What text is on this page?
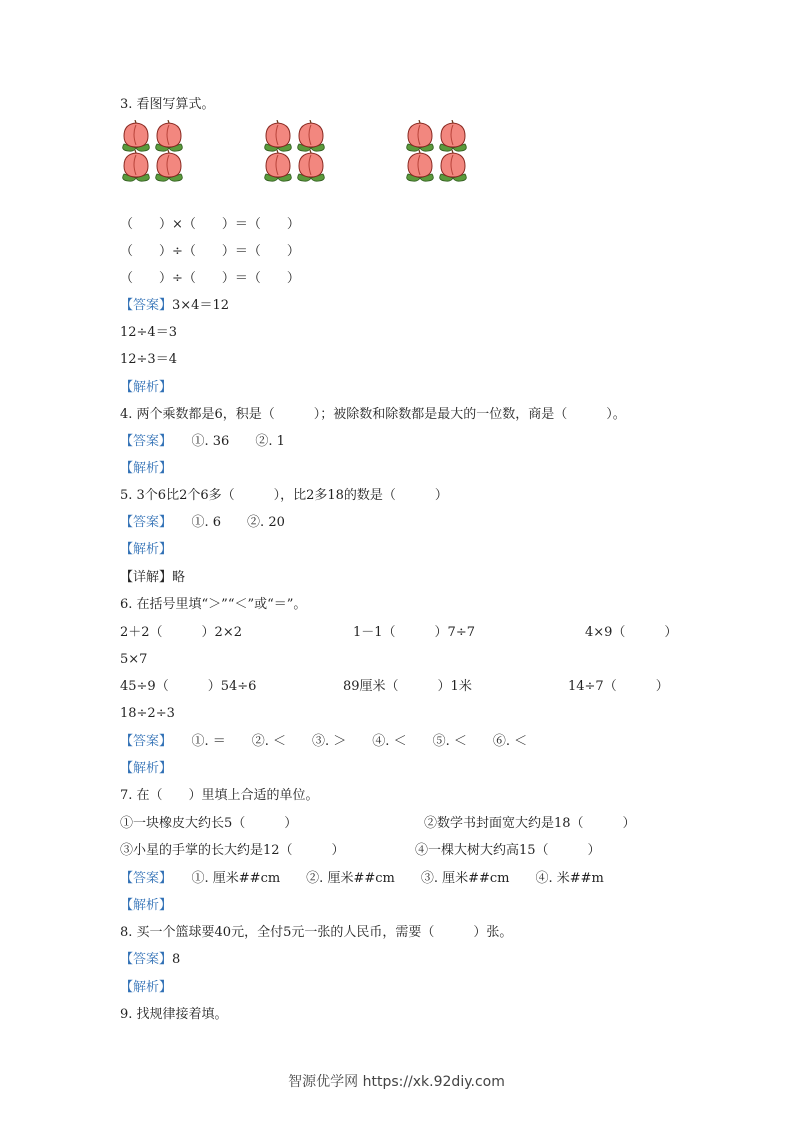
3. 看图写算式。
（　　）×（　　）＝（　　）
（　　）÷（　　）＝（　　）
（　　）÷（　　）＝（　　）
【答案】3×4＝12
12÷4＝3
12÷3＝4
【解析】
4. 两个乘数都是6，积是（　　　）；被除数和除数都是最大的一位数，商是（　　　）。
【答案】　　①. 36　　②. 1
【解析】
5. 3个6比2个6多（　　　），比2多18的数是（　　　）
【答案】　　①. 6　　②. 20
【解析】
【详解】略
6. 在括号里填“＞”“＜”或“＝”。
2＋2（　　　）2×2	1－1（　　　）7÷7	4×9（　　　）
5×7
45÷9（　　　）54÷6	89厘米（　　　）1米	14÷7（　　　）
18÷2÷3
【答案】　　①. ＝　　②. ＜　　③. ＞　　④. ＜　　⑤. ＜　　⑥. ＜
【解析】
7. 在（　　）里填上合适的单位。
①一块橡皮大约长5（　　　）	②数学书封面宽大约是18（　　　）
③小星的手掌的长大约是12（　　　）	④一棵大树大约高15（　　　）
【答案】　　①. 厘米##cm　　②. 厘米##cm　　③. 厘米##cm　　④. 米##m
【解析】
8. 买一个篮球要40元，全付5元一张的人民币，需要（　　　）张。
【答案】8
【解析】
9. 找规律接着填。
智源优学网 https://xk.92diy.com
